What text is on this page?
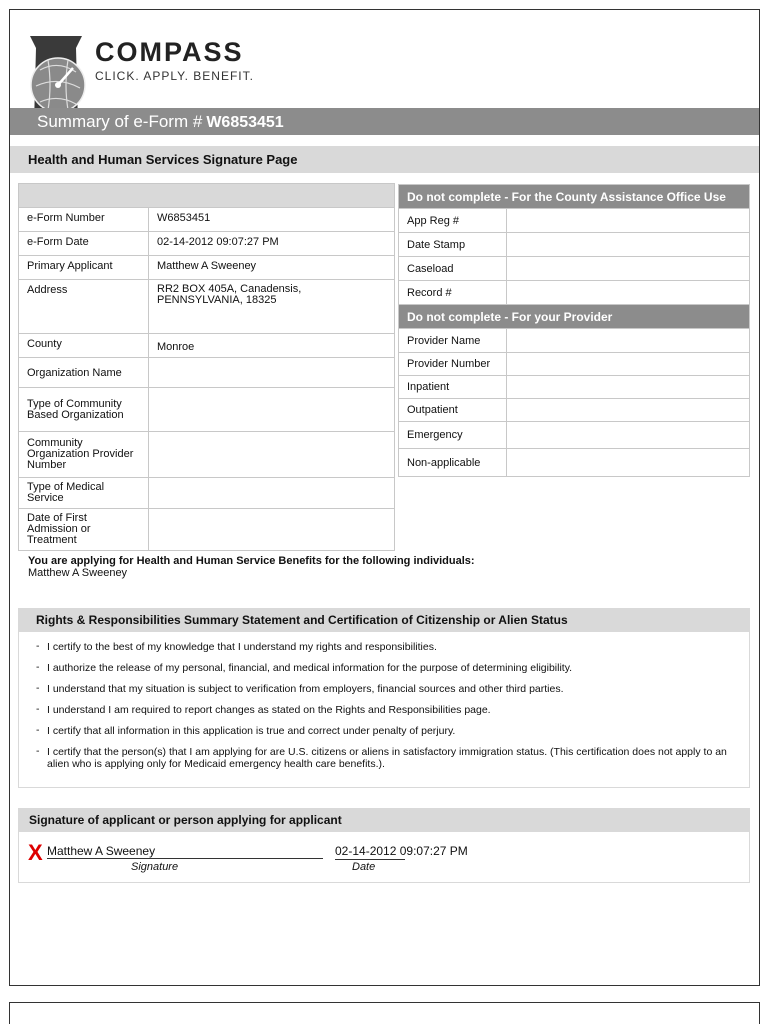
COMPASS
CLICK. APPLY. BENEFIT.
Summary of e-Form # W6853451
Health and Human Services Signature Page

e-Form Number	W6853451
e-Form Date	02-14-2012 09:07:27 PM
Primary Applicant	Matthew A Sweeney
Address	RR2 BOX 405A, Canadensis, PENNSYLVANIA, 18325
County	Monroe
Organization Name	
Type of Community Based Organization	
Community Organization Provider Number	
Type of Medical Service	
Date of First Admission or Treatment	
Do not complete - For the County Assistance Office Use	
App Reg #	
Date Stamp	
Caseload	
Record #	
Do not complete - For your Provider	
Provider Name	
Provider Number	
Inpatient	
Outpatient	
Emergency	
Non-applicable	
You are applying for Health and Human Service Benefits for the following individuals:
Matthew A Sweeney
Rights & Responsibilities Summary Statement and Certification of Citizenship or Alien Status
- I certify to the best of my knowledge that I understand my rights and responsibilities.
- I authorize the release of my personal, financial, and medical information for the purpose of determining eligibility.
- I understand that my situation is subject to verification from employers, financial sources and other third parties.
- I understand I am required to report changes as stated on the Rights and Responsibilities page.
- I certify that all information in this application is true and correct under penalty of perjury.
- I certify that the person(s) that I am applying for are U.S. citizens or aliens in satisfactory immigration status. (This certification does not apply to an alien who is applying only for Medicaid emergency health care benefits.).
Signature of applicant or person applying for applicant
X Matthew A Sweeney
Signature
02-14-2012 09:07:27 PM
Date
